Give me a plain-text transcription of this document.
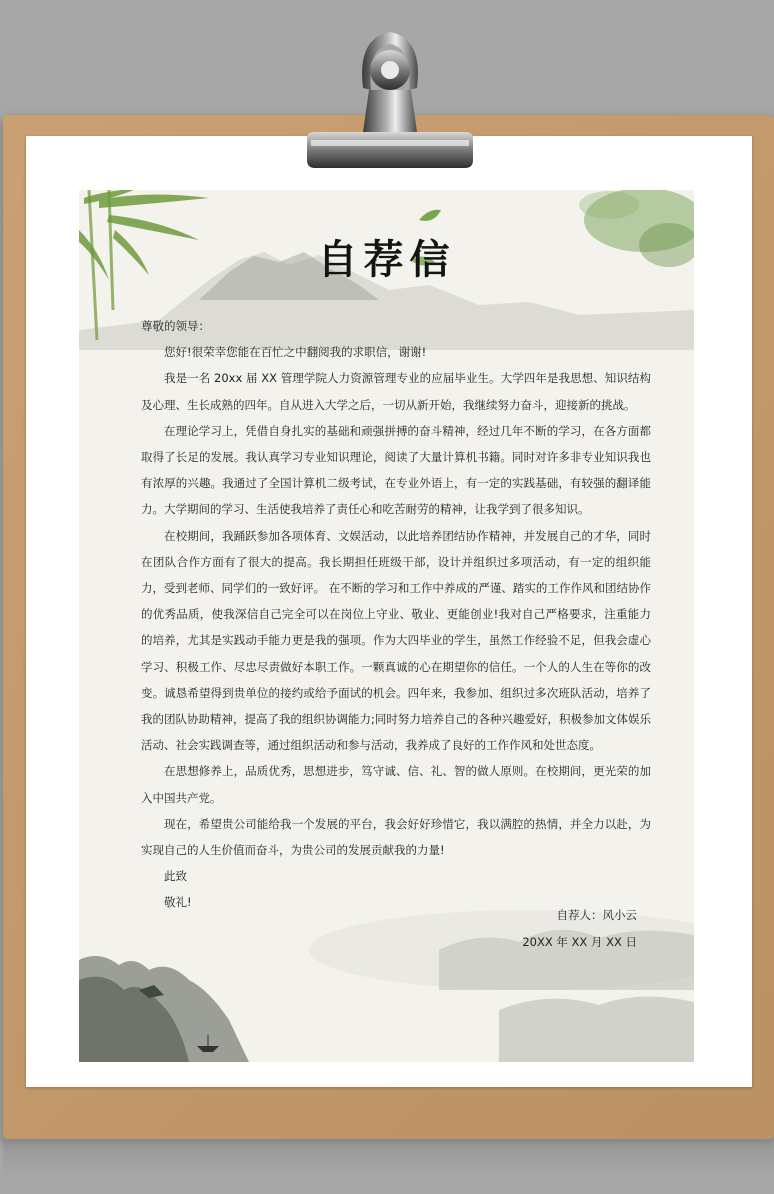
自荐信

尊敬的领导：

您好!很荣幸您能在百忙之中翻阅我的求职信，谢谢!

我是一名 20xx 届 XX 管理学院人力资源管理专业的应届毕业生。大学四年是我思想、知识结构及心理、生长成熟的四年。自从进入大学之后，一切从新开始，我继续努力奋斗，迎接新的挑战。

在理论学习上，凭借自身扎实的基础和顽强拼搏的奋斗精神，经过几年不断的学习，在各方面都取得了长足的发展。我认真学习专业知识理论，阅读了大量计算机书籍。同时对许多非专业知识我也有浓厚的兴趣。我通过了全国计算机二级考试，在专业外语上，有一定的实践基础，有较强的翻译能力。大学期间的学习、生活使我培养了责任心和吃苦耐劳的精神，让我学到了很多知识。

在校期间，我踊跃参加各项体育、文娱活动，以此培养团结协作精神，并发展自己的才华，同时在团队合作方面有了很大的提高。我长期担任班级干部，设计并组织过多项活动，有一定的组织能力，受到老师、同学们的一致好评。 在不断的学习和工作中养成的严谨、踏实的工作作风和团结协作的优秀品质，使我深信自己完全可以在岗位上守业、敬业、更能创业!我对自己严格要求，注重能力的培养，尤其是实践动手能力更是我的强项。作为大四毕业的学生，虽然工作经验不足，但我会虚心学习、积极工作、尽忠尽责做好本职工作。一颗真诚的心在期望你的信任。一个人的人生在等你的改变。诚恳希望得到贵单位的接约或给予面试的机会。四年来，我参加、组织过多次班队活动，培养了我的团队协助精神，提高了我的组织协调能力;同时努力培养自己的各种兴趣爱好，积极参加文体娱乐活动、社会实践调查等，通过组织活动和参与活动，我养成了良好的工作作风和处世态度。

在思想修养上，品质优秀，思想进步，笃守诚、信、礼、智的做人原则。在校期间，更光荣的加入中国共产党。

现在，希望贵公司能给我一个发展的平台，我会好好珍惜它，我以满腔的热情，并全力以赴，为实现自己的人生价值而奋斗，为贵公司的发展贡献我的力量!

此致

敬礼!

自荐人：风小云
20XX 年 XX 月 XX 日
